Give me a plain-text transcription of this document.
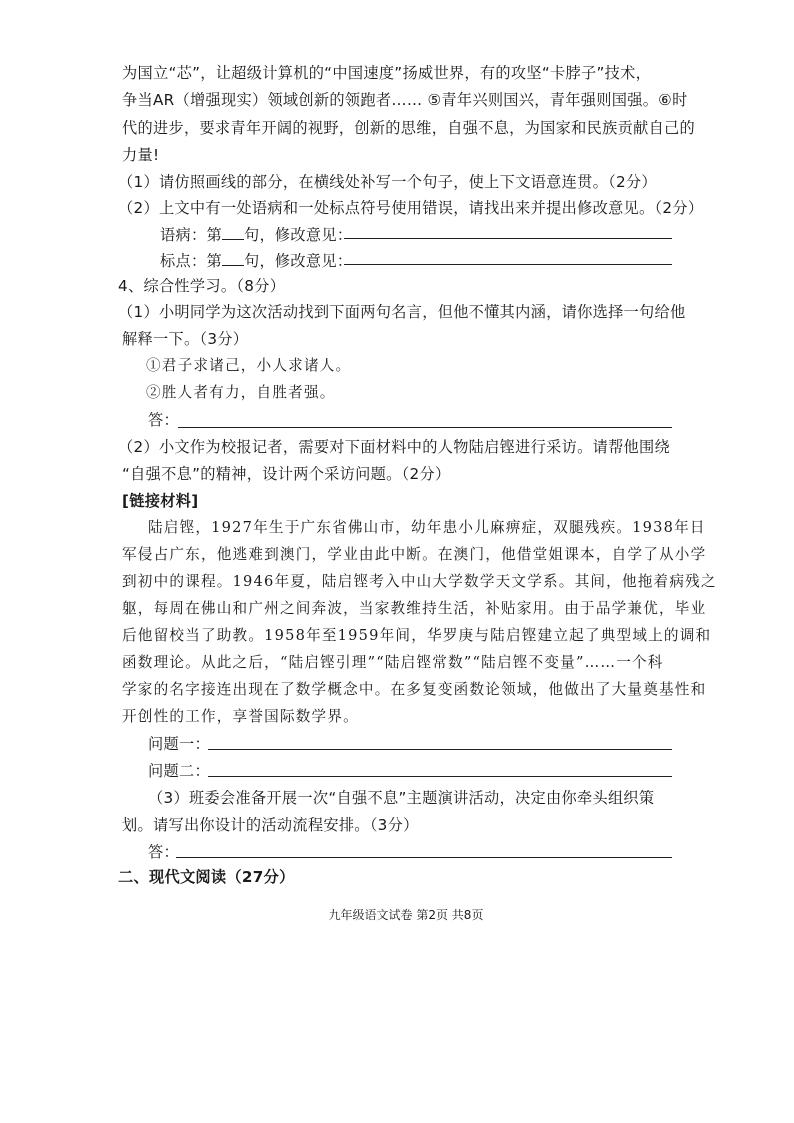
为国立“芯”，让超级计算机的“中国速度”扬威世界，有的攻坚“卡脖子”技术，
争当AR（增强现实）领域创新的领跑者…… ⑤青年兴则国兴，青年强则国强。⑥时
代的进步，要求青年开阔的视野，创新的思维，自强不息，为国家和民族贡献自己的
力量!
（1）请仿照画线的部分，在横线处补写一个句子，使上下文语意连贯。（2分）
（2）上文中有一处语病和一处标点符号使用错误，请找出来并提出修改意见。（2分）
语病：第 句，修改意见：
标点：第 句，修改意见：
4、综合性学习。（8分）
（1）小明同学为这次活动找到下面两句名言，但他不懂其内涵，请你选择一句给他
解释一下。（3分）
①君子求诸己，小人求诸人。
②胜人者有力，自胜者强。
答：
（2）小文作为校报记者，需要对下面材料中的人物陆启铿进行采访。请帮他围绕
“自强不息”的精神，设计两个采访问题。（2分）
[链接材料]
陆启铿，1927年生于广东省佛山市，幼年患小儿麻痹症，双腿残疾。1938年日
军侵占广东，他逃难到澳门，学业由此中断。在澳门，他借堂姐课本，自学了从小学
到初中的课程。1946年夏，陆启铿考入中山大学数学天文学系。其间，他拖着病残之
躯，每周在佛山和广州之间奔波，当家教维持生活，补贴家用。由于品学兼优，毕业
后他留校当了助教。1958年至1959年间，华罗庚与陆启铿建立起了典型域上的调和
函数理论。从此之后，“陆启铿引理”“陆启铿常数”“陆启铿不变量”……一个科
学家的名字接连出现在了数学概念中。在多复变函数论领域，他做出了大量奠基性和
开创性的工作，享誉国际数学界。
问题一：
问题二：
（3）班委会准备开展一次“自强不息”主题演讲活动，决定由你牵头组织策
划。请写出你设计的活动流程安排。（3分）
答：
二、现代文阅读（27分）
九年级语文试卷 第2页 共8页
